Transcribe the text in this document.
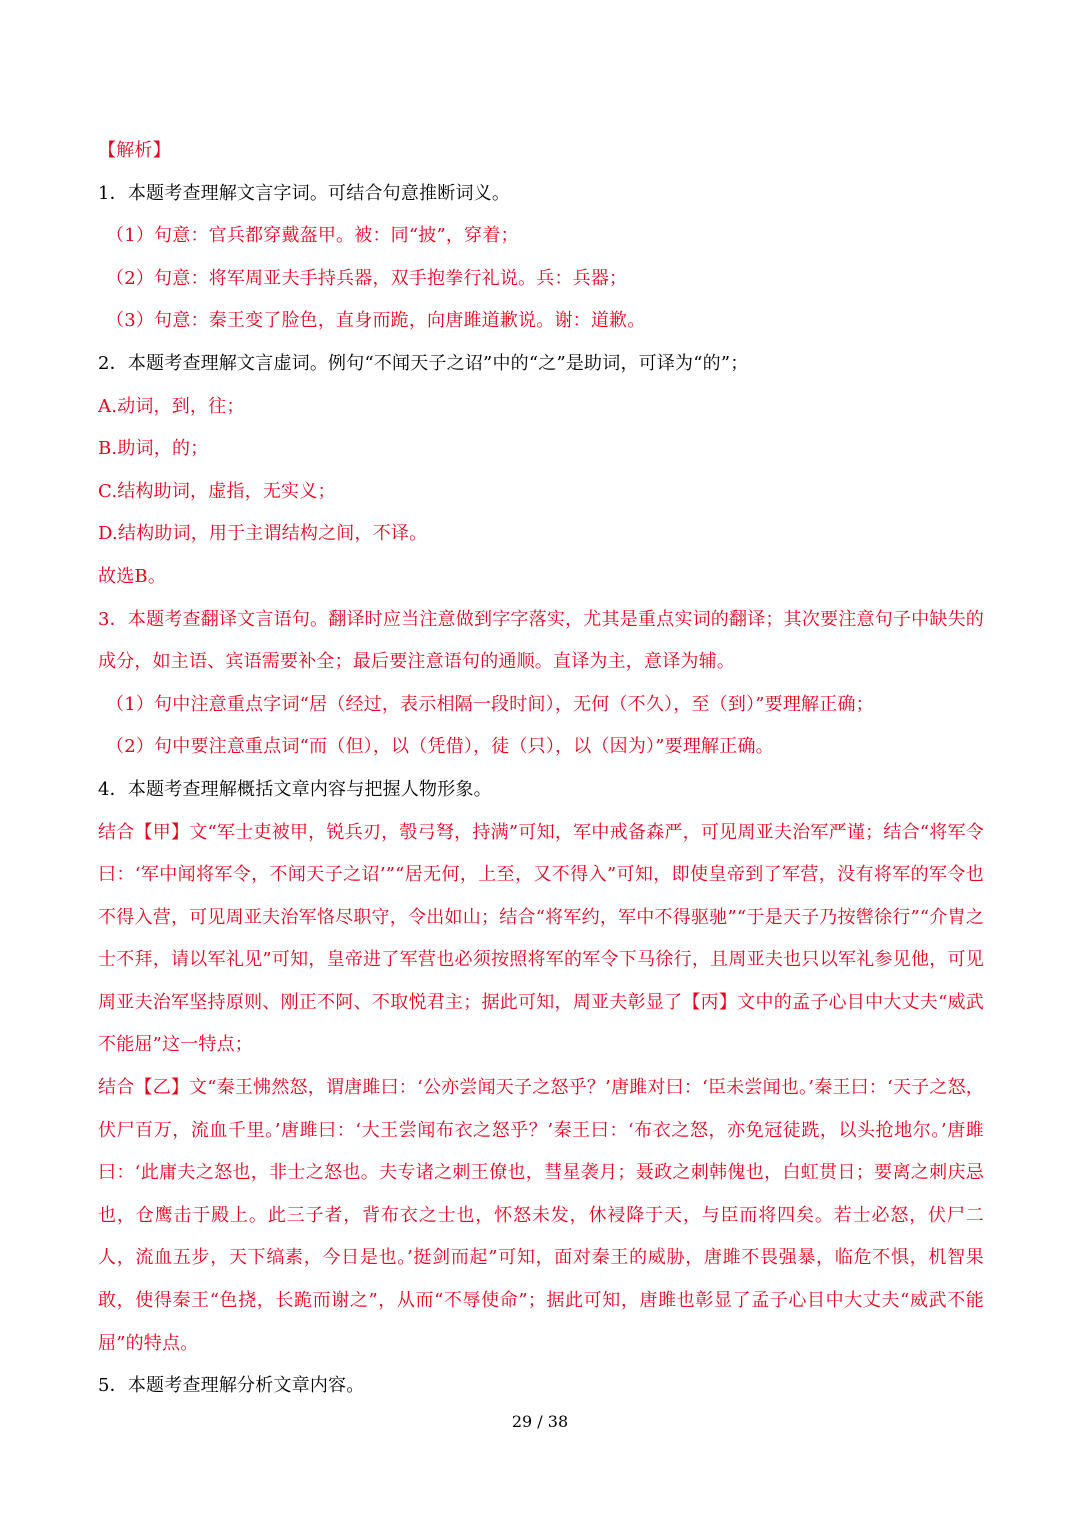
【解析】
1．本题考查理解文言字词。可结合句意推断词义。
（1）句意：官兵都穿戴盔甲。被：同“披”，穿着；
（2）句意：将军周亚夫手持兵器，双手抱拳行礼说。兵：兵器；
（3）句意：秦王变了脸色，直身而跪，向唐雎道歉说。谢：道歉。
2．本题考查理解文言虚词。例句“不闻天子之诏”中的“之”是助词，可译为“的”；
A.动词，到，往；
B.助词，的；
C.结构助词，虚指，无实义；
D.结构助词，用于主谓结构之间，不译。
故选B。
3．本题考查翻译文言语句。翻译时应当注意做到字字落实，尤其是重点实词的翻译；其次要注意句子中缺失的成分，如主语、宾语需要补全；最后要注意语句的通顺。直译为主，意译为辅。
（1）句中注意重点字词“居（经过，表示相隔一段时间），无何（不久），至（到）”要理解正确；
（2）句中要注意重点词“而（但），以（凭借），徒（只），以（因为）”要理解正确。
4．本题考查理解概括文章内容与把握人物形象。
结合【甲】文“军士吏被甲，锐兵刃，彀弓弩，持满”可知，军中戒备森严，可见周亚夫治军严谨；结合“将军令曰：‘军中闻将军令，不闻天子之诏’”“居无何，上至，又不得入”可知，即使皇帝到了军营，没有将军的军令也不得入营，可见周亚夫治军恪尽职守，令出如山；结合“将军约，军中不得驱驰”“于是天子乃按辔徐行”“介胄之士不拜，请以军礼见”可知，皇帝进了军营也必须按照将军的军令下马徐行，且周亚夫也只以军礼参见他，可见周亚夫治军坚持原则、刚正不阿、不取悦君主；据此可知，周亚夫彰显了【丙】文中的孟子心目中大丈夫“威武不能屈”这一特点；
结合【乙】文“秦王怫然怒，谓唐雎曰：‘公亦尝闻天子之怒乎？’唐雎对曰：‘臣未尝闻也。’秦王曰：‘天子之怒，伏尸百万，流血千里。’唐雎曰：‘大王尝闻布衣之怒乎？’秦王曰：‘布衣之怒，亦免冠徒跣，以头抢地尔。’唐雎曰：‘此庸夫之怒也，非士之怒也。夫专诸之刺王僚也，彗星袭月；聂政之刺韩傀也，白虹贯日；要离之刺庆忌也，仓鹰击于殿上。此三子者，背布衣之士也，怀怒未发，休祲降于天，与臣而将四矣。若士必怒，伏尸二人，流血五步，天下缟素，今日是也。’挺剑而起”可知，面对秦王的威胁，唐雎不畏强暴，临危不惧，机智果敢，使得秦王“色挠，长跪而谢之”，从而“不辱使命”；据此可知，唐雎也彰显了孟子心目中大丈夫“威武不能屈”的特点。
5．本题考查理解分析文章内容。
29 / 38
